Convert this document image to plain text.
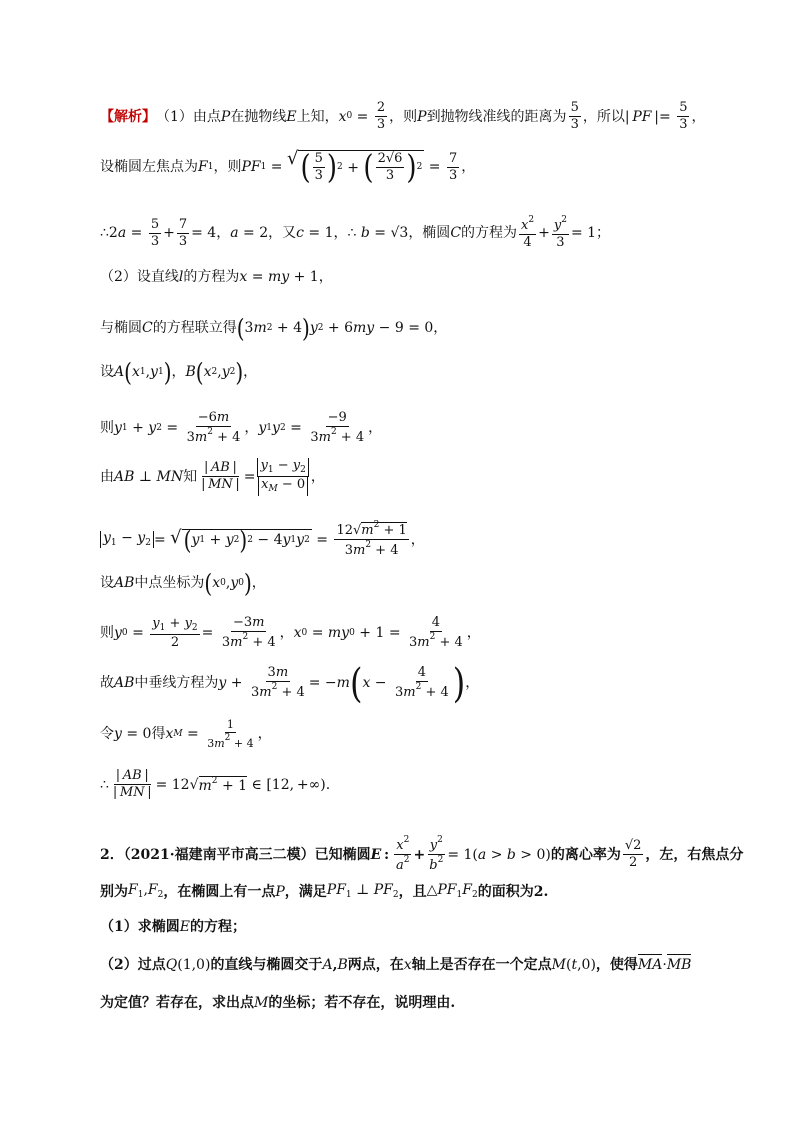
【解析】 （1）由点 P 在抛物线 E 上知， x $0 = \frac{2}{3}$ ，则 P 到抛物线准线的距离为 $\frac{5}{3}$ ，所以 |  PF  |= $\frac{5}{3}$ ，
设椭圆左焦点为 F 1 ，则 PF 1 = √ ( $\frac{5}{3}$ ) 2 + ( $\frac{2√6}{3}$ ) $2 = \frac{7}{3}$ ，
∴2 $a = \frac{5}{3} + \frac{7}{3} = 4$ ， a = 2 ，又 c = 1 ， ∴ b = √3 ，椭圆 C 的方程为 $\frac{x^2}{4} + \frac{y^2}{3} = 1$ ；
（2）设直线 l 的方程为 x = my + 1 ，
与椭圆 C 的方程联立得 ( 3 m 2 + 4 ) y 2 + 6 my − 9 = 0 ，
设 A ( x 1 , y 1 ) ， B ( x 2 , y 2 ) ，
则 y 1 + y $2 = \frac{-6m}{3m^2 + 4}$ ， y 1 y $2 = \frac{-9}{3m^2 + 4}$ ，
由 AB ⊥ MN 知 $\frac{| AB |}{| MN |} = \frac{y_1 - y_2}{x_M - 0}$ ，
$y_1 - y_2$ = √ ( y 1 + y 2 ) 2 − 4 y 1 y $2 = \frac{12√m^2 + 1}{3m^2 + 4}$ ，
设 AB 中点坐标为 ( x 0 , y 0 ) ，
则 y $0 = \frac{y_1 + y_2}{2} = \frac{-3m}{3m^2 + 4}$ ， x 0 = my $0 + 1 = \frac{4}{3m^2 + 4}$ ，
故 AB 中垂线方程为 $y + \frac{3m}{3m^2 + 4}$ = − m ( $x - \frac{4}{3m^2 + 4}$ ) ，
令 y = 0 得 x $M = \frac{1}{3m^2 + 4}$ ，
∴ $\frac{| AB |}{| MN |} = 12√$ $m^2 + 1$ ∈ [12, +∞) .
2．（2021·福建南平市高三二模）已知椭圆 E  :  $\frac{x^2}{a^2} + \frac{y^2}{b^2} = 1(a > b > 0)$ 的离心率为 $\frac{√2}{2}$ ，左，右焦点分
别为 $F_1,F_2$ ，在椭圆上有一点 P ，满足 $PF_1$ ⊥ $PF_2$ ，且 $\triangle PF_1F_2$ 的面积为2.
（1）求椭圆 E 的方程；
（2）过点 Q(1,0) 的直线与椭圆交于 A , B 两点，在 x 轴上是否存在一个定点 M(t,0) ，使得 MA·MB
为定值？若存在，求出点 M 的坐标；若不存在，说明理由.
